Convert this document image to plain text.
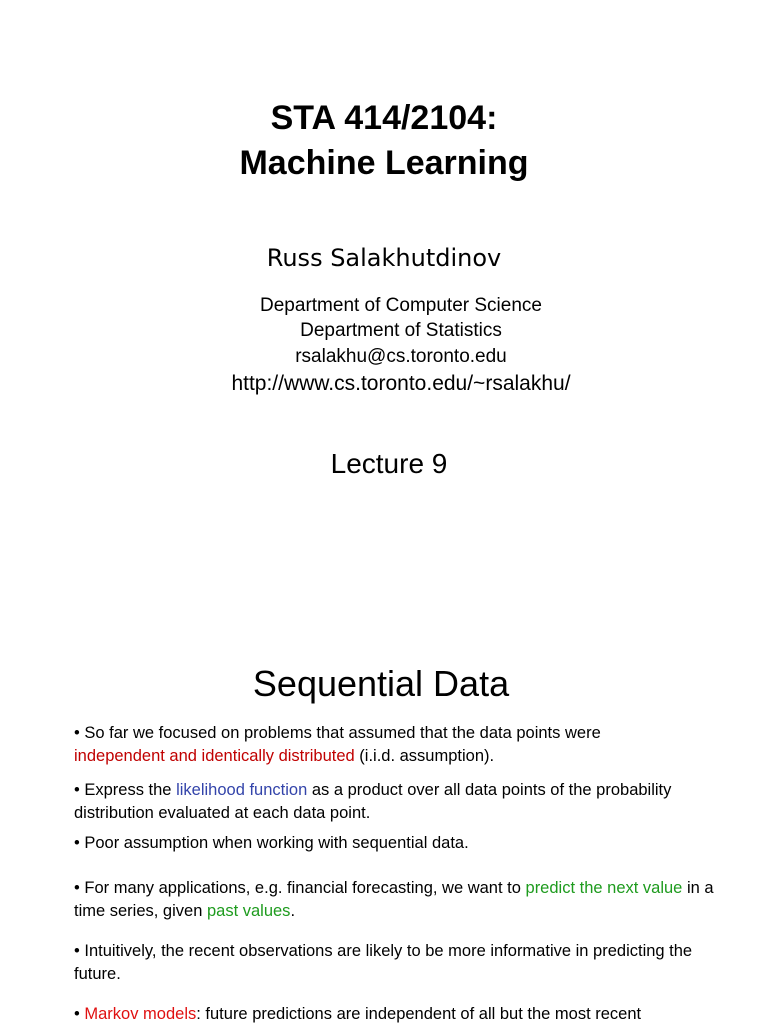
STA 414/2104:
Machine Learning
Russ Salakhutdinov
Department of Computer Science
Department of Statistics
rsalakhu@cs.toronto.edu
http://www.cs.toronto.edu/~rsalakhu/
Lecture 9
Sequential Data
• So far we focused on problems that assumed that the data points were
independent and identically distributed (i.i.d. assumption).
• Express the likelihood function as a product over all data points of the probability distribution evaluated at each data point.
• Poor assumption when working with sequential data.
• For many applications, e.g. financial forecasting, we want to predict the next value in a time series, given past values.
• Intuitively, the recent observations are likely to be more informative in predicting the future.
• Markov models: future predictions are independent of all but the most recent
